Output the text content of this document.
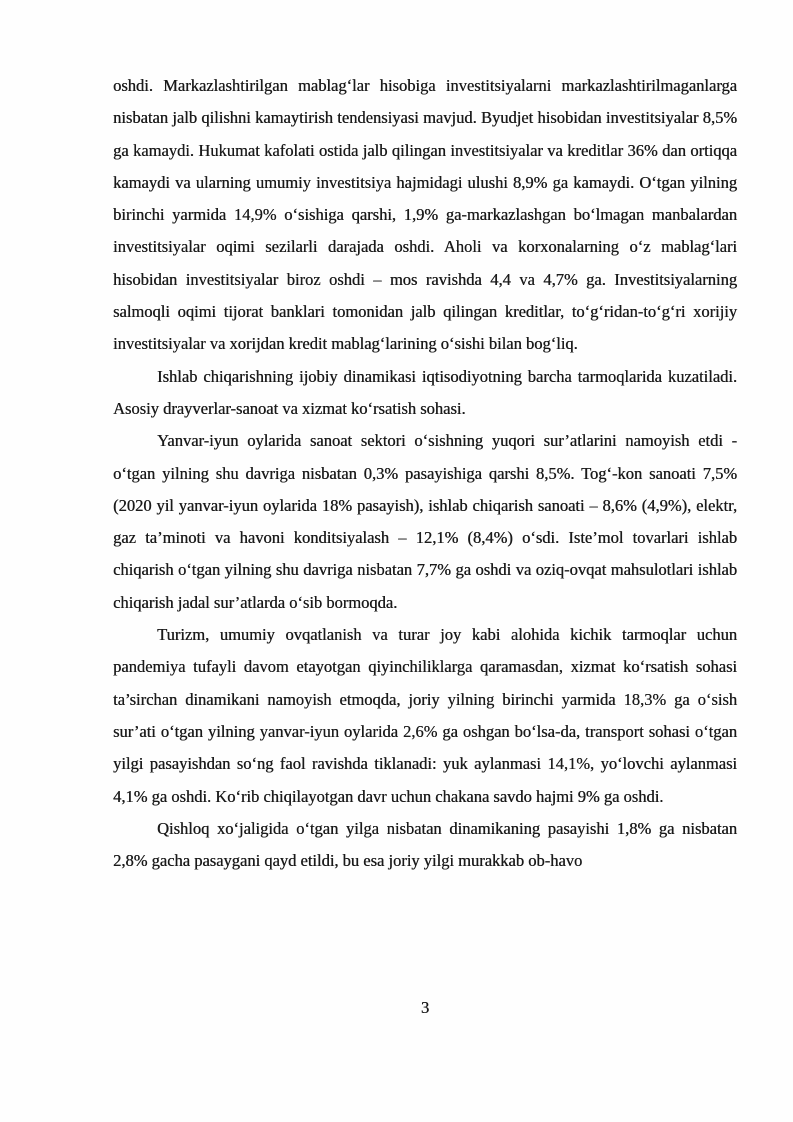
oshdi. Markazlashtirilgan mablagʻlar hisobiga investitsiyalarni markazlashtirilmaganlarga nisbatan jalb qilishni kamaytirish tendensiyasi mavjud. Byudjet hisobidan investitsiyalar 8,5% ga kamaydi. Hukumat kafolati ostida jalb qilingan investitsiyalar va kreditlar 36% dan ortiqqa kamaydi va ularning umumiy investitsiya hajmidagi ulushi 8,9% ga kamaydi. Oʻtgan yilning birinchi yarmida 14,9% oʻsishiga qarshi, 1,9% ga-markazlashgan boʻlmagan manbalardan investitsiyalar oqimi sezilarli darajada oshdi. Aholi va korxonalarning oʻz mablagʻlari hisobidan investitsiyalar biroz oshdi – mos ravishda 4,4 va 4,7% ga. Investitsiyalarning salmoqli oqimi tijorat banklari tomonidan jalb qilingan kreditlar, toʻgʻridan-toʻgʻri xorijiy investitsiyalar va xorijdan kredit mablagʻlarining oʻsishi bilan bogʻliq.

Ishlab chiqarishning ijobiy dinamikasi iqtisodiyotning barcha tarmoqlarida kuzatiladi. Asosiy drayverlar-sanoat va xizmat koʻrsatish sohasi.

Yanvar-iyun oylarida sanoat sektori oʻsishning yuqori sur’atlarini namoyish etdi - oʻtgan yilning shu davriga nisbatan 0,3% pasayishiga qarshi 8,5%. Togʻ-kon sanoati 7,5% (2020 yil yanvar-iyun oylarida 18% pasayish), ishlab chiqarish sanoati – 8,6% (4,9%), elektr, gaz ta’minoti va havoni konditsiyalash – 12,1% (8,4%) oʻsdi. Iste’mol tovarlari ishlab chiqarish oʻtgan yilning shu davriga nisbatan 7,7% ga oshdi va oziq-ovqat mahsulotlari ishlab chiqarish jadal sur’atlarda oʻsib bormoqda.

Turizm, umumiy ovqatlanish va turar joy kabi alohida kichik tarmoqlar uchun pandemiya tufayli davom etayotgan qiyinchiliklarga qaramasdan, xizmat koʻrsatish sohasi ta’sirchan dinamikani namoyish etmoqda, joriy yilning birinchi yarmida 18,3% ga oʻsish sur’ati oʻtgan yilning yanvar-iyun oylarida 2,6% ga oshgan boʻlsa-da, transport sohasi oʻtgan yilgi pasayishdan soʻng faol ravishda tiklanadi: yuk aylanmasi 14,1%, yoʻlovchi aylanmasi 4,1% ga oshdi. Koʻrib chiqilayotgan davr uchun chakana savdo hajmi 9% ga oshdi.

Qishloq xoʻjaligida oʻtgan yilga nisbatan dinamikaning pasayishi 1,8% ga nisbatan 2,8% gacha pasaygani qayd etildi, bu esa joriy yilgi murakkab ob-havo

3
